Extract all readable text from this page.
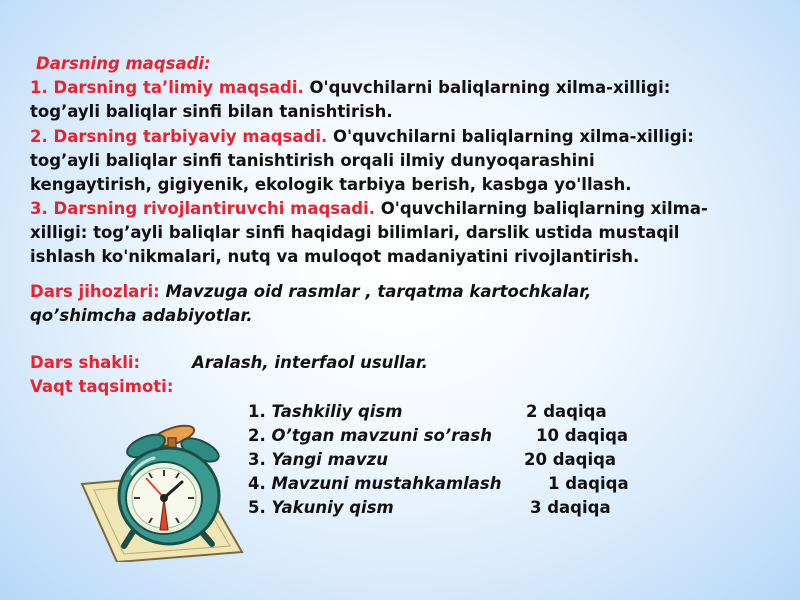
Darsning maqsadi:
1. Darsning ta’limiy maqsadi. O'quvchilarni baliqlarning xilma-xilligi:
tog’ayli baliqlar sinfi bilan tanishtirish.
2. Darsning tarbiyaviy maqsadi. O'quvchilarni baliqlarning xilma-xilligi:
tog’ayli baliqlar sinfi tanishtirish orqali ilmiy dunyoqarashini
kengaytirish, gigiyenik, ekologik tarbiya berish, kasbga yo'llash.
3. Darsning rivojlantiruvchi maqsadi. O'quvchilarning baliqlarning xilma-
xilligi: tog’ayli baliqlar sinfi haqidagi bilimlari, darslik ustida mustaqil
ishlash ko'nikmalari, nutq va muloqot madaniyatini rivojlantirish.
Dars jihozlari: Mavzuga oid rasmlar , tarqatma kartochkalar,
qo’shimcha adabiyotlar.
Dars shakli:	Aralash, interfaol usullar.
Vaqt taqsimoti:
1. Tashkiliy qism	2 daqiqa
2. O’tgan mavzuni so’rash	10 daqiqa
3. Yangi mavzu	20 daqiqa
4. Mavzuni mustahkamlash	1 daqiqa
5. Yakuniy qism	3 daqiqa
